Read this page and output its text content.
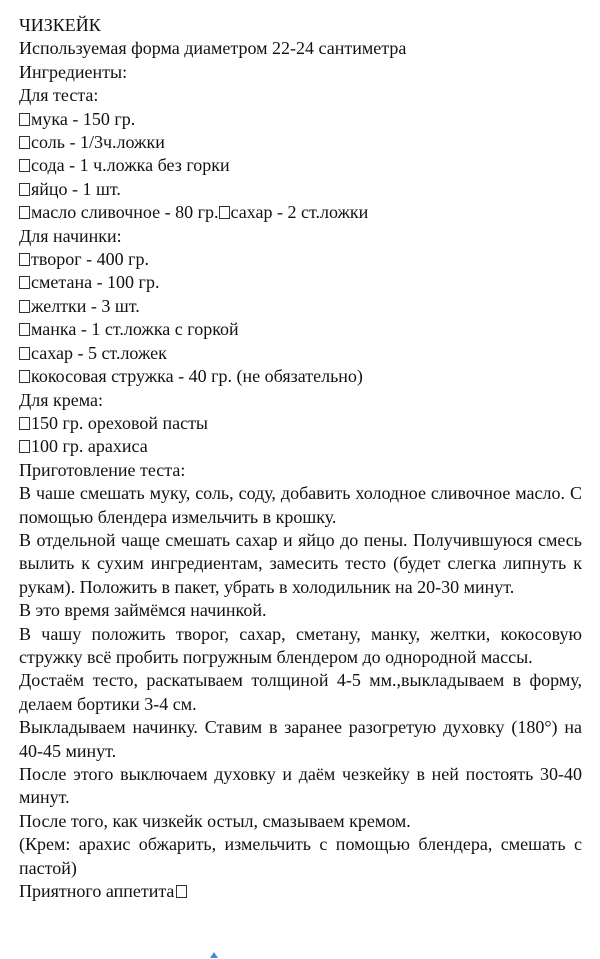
ЧИЗКЕЙК

Используемая форма диаметром 22-24 сантиметра

Ингредиенты:

Для теста:

мука - 150 гр.

соль - 1/3ч.ложки

сода - 1 ч.ложка без горки

яйцо - 1 шт.

масло сливочное - 80 гр. сахар - 2 ст.ложки

Для начинки:

творог - 400 гр.

сметана - 100 гр.

желтки - 3 шт.

манка - 1 ст.ложка с горкой

сахар - 5 ст.ложек

кокосовая стружка - 40 гр. (не обязательно)

Для крема:

150 гр. ореховой пасты

100 гр. арахиса

Приготовление теста:

В чаше смешать муку, соль, соду, добавить холодное сливочное масло. С помощью блендера измельчить в крошку.

В отдельной чаще смешать сахар и яйцо до пены. Получившуюся смесь вылить к сухим ингредиентам, замесить тесто (будет слегка липнуть к рукам). Положить в пакет, убрать в холодильник на 20-30 минут.

В это время займёмся начинкой.

В чашу положить творог, сахар, сметану, манку, желтки, кокосовую стружку всё пробить погружным блендером до однородной массы.

Достаём тесто, раскатываем толщиной 4-5 мм.,выкладываем в форму, делаем бортики 3-4 см.

Выкладываем начинку. Ставим в заранее разогретую духовку (180°) на 40-45 минут.

После этого выключаем духовку и даём чезкейку в ней постоять 30-40 минут.

После того, как чизкейк остыл, смазываем кремом.

(Крем: арахис обжарить, измельчить с помощью блендера, смешать с пастой)

Приятного аппетита
